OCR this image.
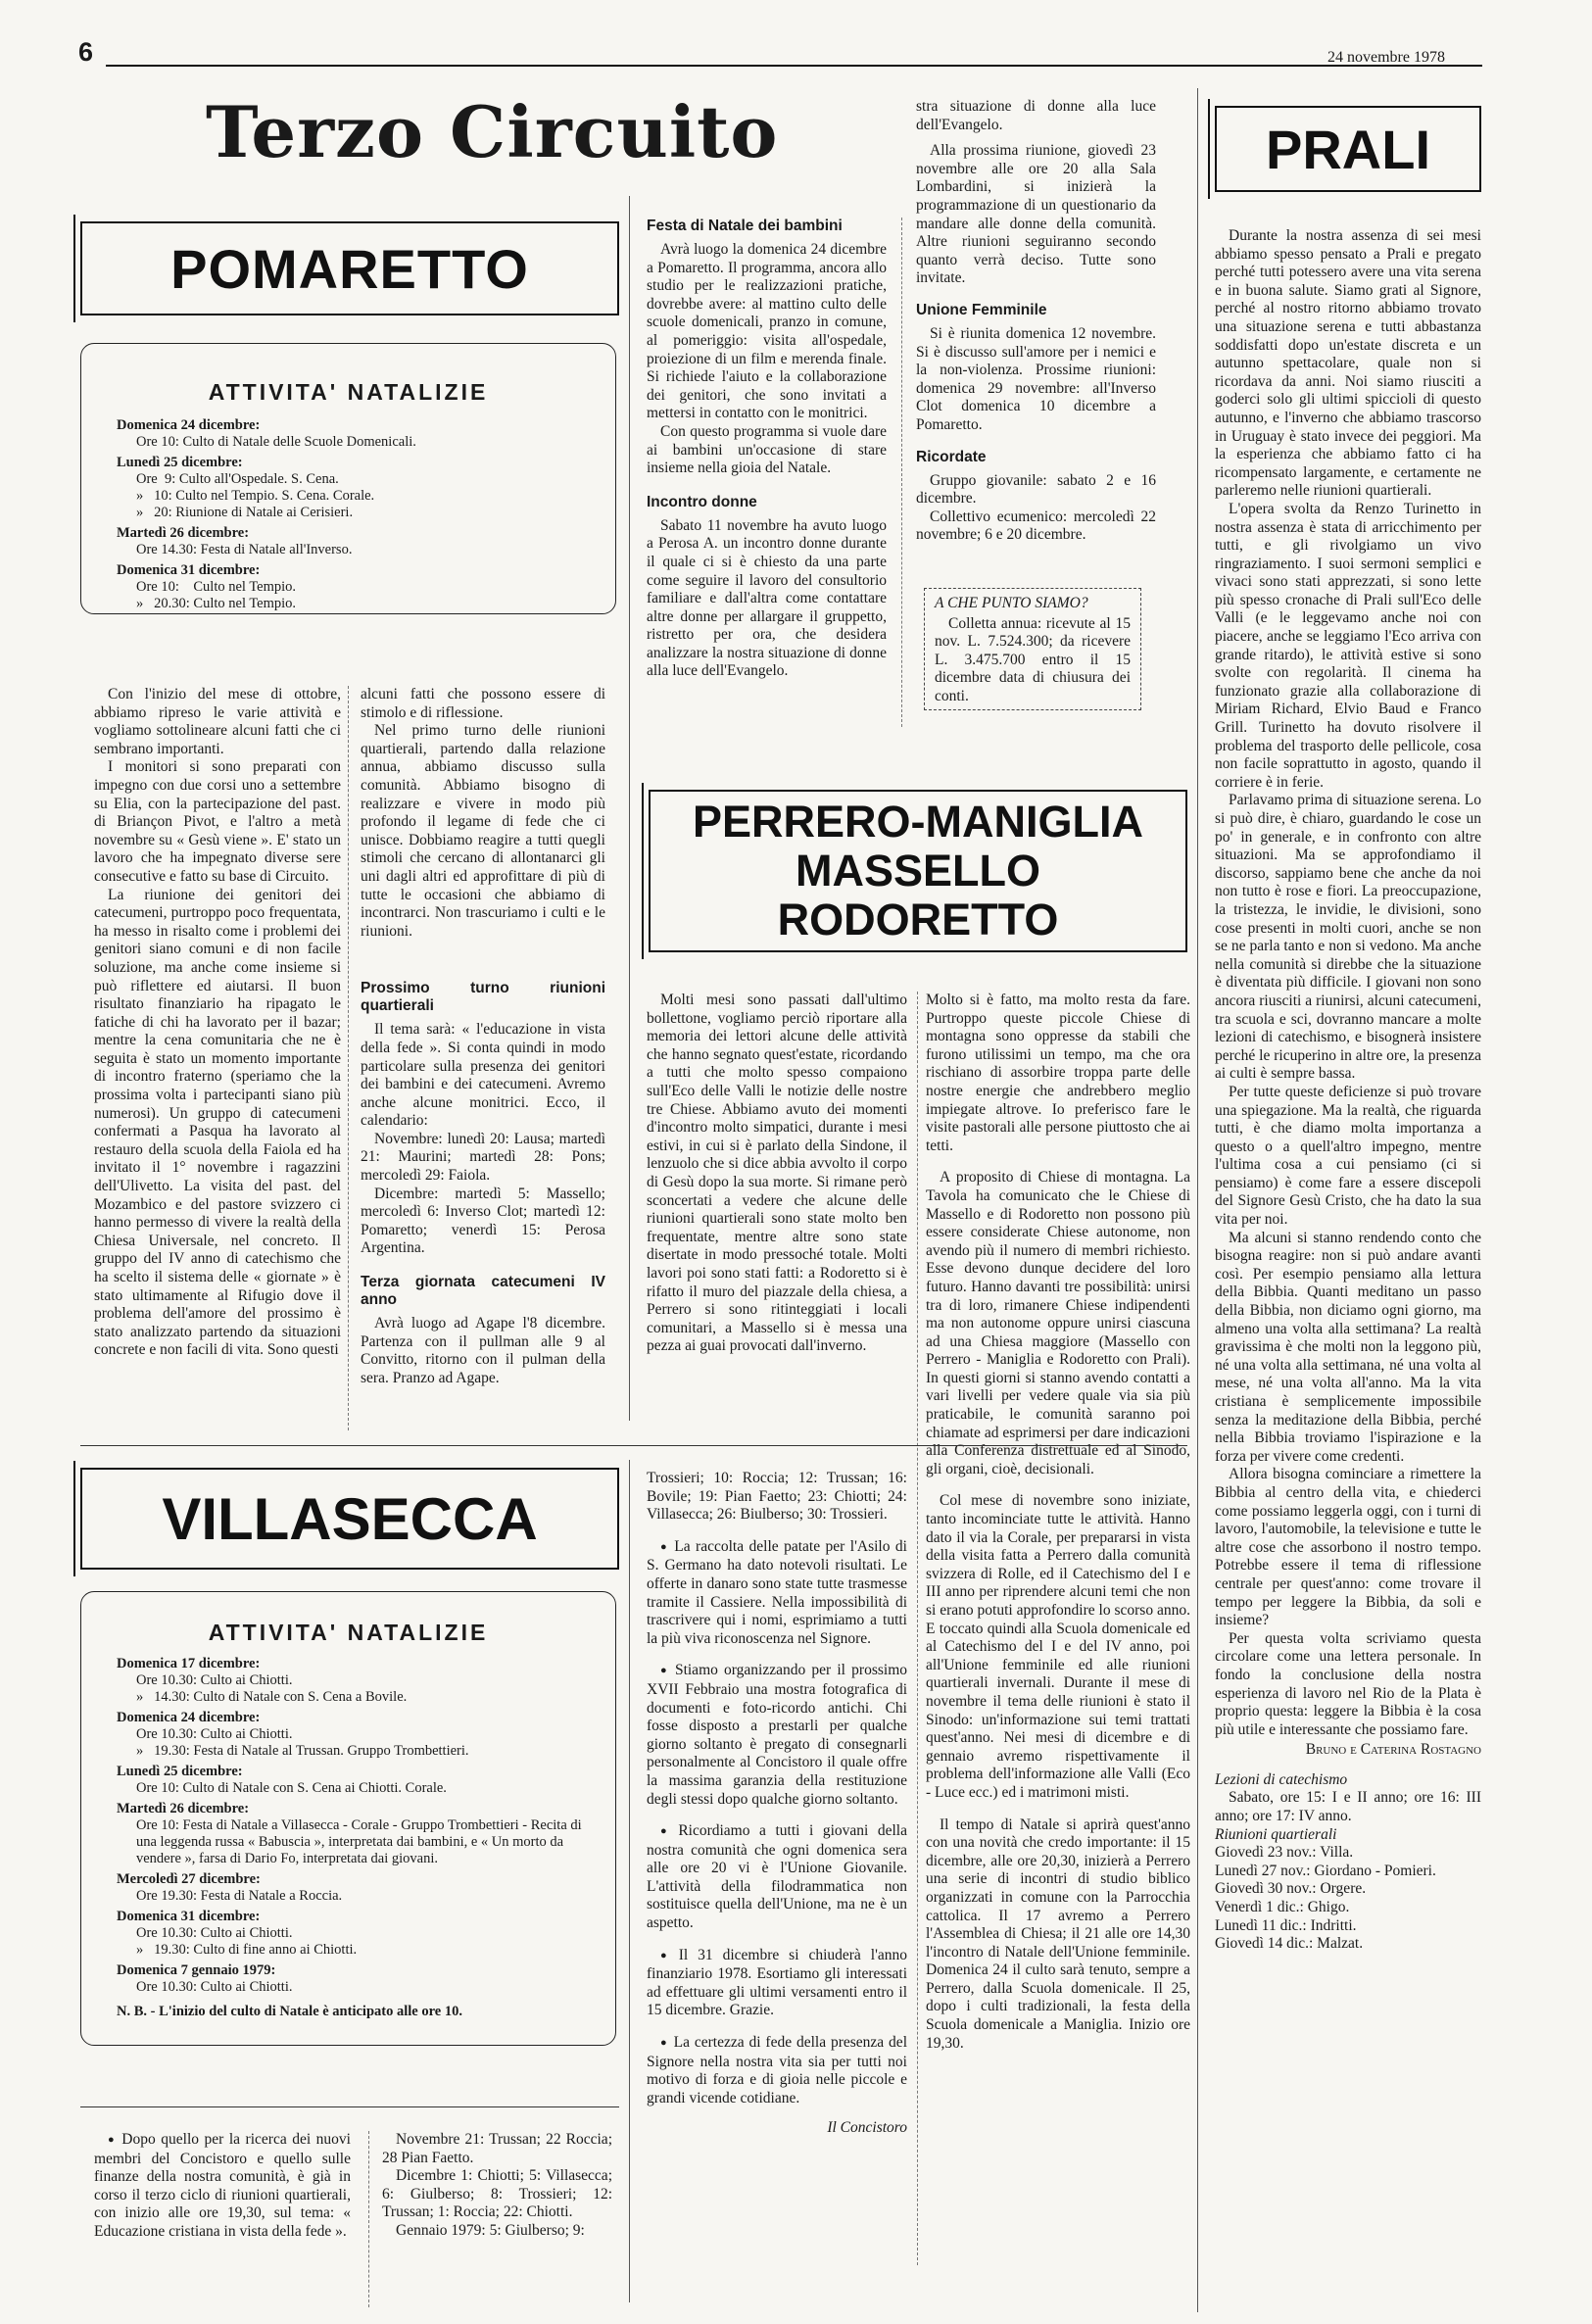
6	24 novembre 1978
Terzo Circuito
POMARETTO
ATTIVITA' NATALIZIE
Domenica 24 dicembre:
Ore 10: Culto di Natale delle Scuole Domenicali.
Lunedì 25 dicembre:
Ore  9: Culto all'Ospedale. S. Cena.
»   10: Culto nel Tempio. S. Cena. Corale.
»   20: Riunione di Natale ai Cerisieri.
Martedì 26 dicembre:
Ore 14.30: Festa di Natale all'Inverso.
Domenica 31 dicembre:
Ore 10:    Culto nel Tempio.
»   20.30: Culto nel Tempio.

Con l'inizio del mese di ottobre, abbiamo ripreso le varie attività e vogliamo sottolineare alcuni fatti che ci sembrano importanti.

I monitori si sono preparati con impegno con due corsi uno a settembre su Elia, con la partecipazione del past. di Briançon Pivot, e l'altro a metà novembre su « Gesù viene ». E' stato un lavoro che ha impegnato diverse sere consecutive e fatto su base di Circuito.

La riunione dei genitori dei catecumeni, purtroppo poco frequentata, ha messo in risalto come i problemi dei genitori siano comuni e di non facile soluzione, ma anche come insieme si può riflettere ed aiutarsi. Il buon risultato finanziario ha ripagato le fatiche di chi ha lavorato per il bazar; mentre la cena comunitaria che ne è seguita è stato un momento importante di incontro fraterno (speriamo che la prossima volta i partecipanti siano più numerosi). Un gruppo di catecumeni confermati a Pasqua ha lavorato al restauro della scuola della Faiola ed ha invitato il 1° novembre i ragazzini dell'Ulivetto. La visita del past. del Mozambico e del pastore svizzero ci hanno permesso di vivere la realtà della Chiesa Universale, nel concreto. Il gruppo del IV anno di catechismo che ha scelto il sistema delle « giornate » è stato ultimamente al Rifugio dove il problema dell'amore del prossimo è stato analizzato partendo da situazioni concrete e non facili di vita. Sono questi

alcuni fatti che possono essere di stimolo e di riflessione.

Nel primo turno delle riunioni quartierali, partendo dalla relazione annua, abbiamo discusso sulla comunità. Abbiamo bisogno di realizzare e vivere in modo più profondo il legame di fede che ci unisce. Dobbiamo reagire a tutti quegli stimoli che cercano di allontanarci gli uni dagli altri ed approfittare di più di tutte le occasioni che abbiamo di incontrarci. Non trascuriamo i culti e le riunioni.

Prossimo turno riunioni quartierali

Il tema sarà: « l'educazione in vista della fede ». Si conta quindi in modo particolare sulla presenza dei genitori dei bambini e dei catecumeni. Avremo anche alcune monitrici. Ecco, il calendario:

Novembre: lunedì 20: Lausa; martedì 21: Maurini; martedì 28: Pons; mercoledì 29: Faiola.

Dicembre: martedì 5: Massello; mercoledì 6: Inverso Clot; martedì 12: Pomaretto; venerdì 15: Perosa Argentina.

Terza giornata catecumeni IV anno

Avrà luogo ad Agape l'8 dicembre. Partenza con il pullman alle 9 al Convitto, ritorno con il pulman della sera. Pranzo ad Agape.

Festa di Natale dei bambini

Avrà luogo la domenica 24 dicembre a Pomaretto. Il programma, ancora allo studio per le realizzazioni pratiche, dovrebbe avere: al mattino culto delle scuole domenicali, pranzo in comune, al pomeriggio: visita all'ospedale, proiezione di un film e merenda finale. Si richiede l'aiuto e la collaborazione dei genitori, che sono invitati a mettersi in contatto con le monitrici.

Con questo programma si vuole dare ai bambini un'occasione di stare insieme nella gioia del Natale.

Incontro donne

Sabato 11 novembre ha avuto luogo a Perosa A. un incontro donne durante il quale ci si è chiesto da una parte come seguire il lavoro del consultorio familiare e dall'altra come contattare altre donne per allargare il gruppetto, ristretto per ora, che desidera analizzare la nostra situazione di donne alla luce dell'Evangelo.

stra situazione di donne alla luce dell'Evangelo.

Alla prossima riunione, giovedì 23 novembre alle ore 20 alla Sala Lombardini, si inizierà la programmazione di un questionario da mandare alle donne della comunità. Altre riunioni seguiranno secondo quanto verrà deciso. Tutte sono invitate.

Unione Femminile

Si è riunita domenica 12 novembre. Si è discusso sull'amore per i nemici e la non-violenza. Prossime riunioni: domenica 29 novembre: all'Inverso Clot domenica 10 dicembre a Pomaretto.

Ricordate

Gruppo giovanile: sabato 2 e 16 dicembre.

Collettivo ecumenico: mercoledì 22 novembre; 6 e 20 dicembre.

A CHE PUNTO SIAMO?
Colletta annua: ricevute al 15 nov. L. 7.524.300; da ricevere L. 3.475.700 entro il 15 dicembre data di chiusura dei conti.
PERRERO-MANIGLIA
MASSELLO
RODORETTO

Molti mesi sono passati dall'ultimo bollettone, vogliamo perciò riportare alla memoria dei lettori alcune delle attività che hanno segnato quest'estate, ricordando a tutti che molto spesso compaiono sull'Eco delle Valli le notizie delle nostre tre Chiese. Abbiamo avuto dei momenti d'incontro molto simpatici, durante i mesi estivi, in cui si è parlato della Sindone, il lenzuolo che si dice abbia avvolto il corpo di Gesù dopo la sua morte. Si rimane però sconcertati a vedere che alcune delle riunioni quartierali sono state molto ben frequentate, mentre altre sono state disertate in modo pressoché totale. Molti lavori poi sono stati fatti: a Rodoretto si è rifatto il muro del piazzale della chiesa, a Perrero si sono ritinteggiati i locali comunitari, a Massello si è messa una pezza ai guai provocati dall'inverno.

Molto si è fatto, ma molto resta da fare. Purtroppo queste piccole Chiese di montagna sono oppresse da stabili che furono utilissimi un tempo, ma che ora rischiano di assorbire troppa parte delle nostre energie che andrebbero meglio impiegate altrove. Io preferisco fare le visite pastorali alle persone piuttosto che ai tetti.

A proposito di Chiese di montagna. La Tavola ha comunicato che le Chiese di Massello e di Rodoretto non possono più essere considerate Chiese autonome, non avendo più il numero di membri richiesto. Esse devono dunque decidere del loro futuro. Hanno davanti tre possibilità: unirsi tra di loro, rimanere Chiese indipendenti ma non autonome oppure unirsi ciascuna ad una Chiesa maggiore (Massello con Perrero - Maniglia e Rodoretto con Prali). In questi giorni si stanno avendo contatti a vari livelli per vedere quale via sia più praticabile, le comunità saranno poi chiamate ad esprimersi per dare indicazioni alla Conferenza distrettuale ed al Sinodo, gli organi, cioè, decisionali.

Col mese di novembre sono iniziate, tanto incominciate tutte le attività. Hanno dato il via la Corale, per prepararsi in vista della visita fatta a Perrero dalla comunità svizzera di Rolle, ed il Catechismo del I e III anno per riprendere alcuni temi che non si erano potuti approfondire lo scorso anno. E toccato quindi alla Scuola domenicale ed al Catechismo del I e del IV anno, poi all'Unione femminile ed alle riunioni quartierali invernali. Durante il mese di novembre il tema delle riunioni è stato il Sinodo: un'informazione sui temi trattati quest'anno. Nei mesi di dicembre e di gennaio avremo rispettivamente il problema dell'informazione alle Valli (Eco - Luce ecc.) ed i matrimoni misti.

Il tempo di Natale si aprirà quest'anno con una novità che credo importante: il 15 dicembre, alle ore 20,30, inizierà a Perrero una serie di incontri di studio biblico organizzati in comune con la Parrocchia cattolica. Il 17 avremo a Perrero l'Assemblea di Chiesa; il 21 alle ore 14,30 l'incontro di Natale dell'Unione femminile. Domenica 24 il culto sarà tenuto, sempre a Perrero, dalla Scuola domenicale. Il 25, dopo i culti tradizionali, la festa della Scuola domenicale a Maniglia. Inizio ore 19,30.

PRALI

Durante la nostra assenza di sei mesi abbiamo spesso pensato a Prali e pregato perché tutti potessero avere una vita serena e in buona salute. Siamo grati al Signore, perché al nostro ritorno abbiamo trovato una situazione serena e tutti abbastanza soddisfatti dopo un'estate discreta e un autunno spettacolare, quale non si ricordava da anni. Noi siamo riusciti a goderci solo gli ultimi spiccioli di questo autunno, e l'inverno che abbiamo trascorso in Uruguay è stato invece dei peggiori. Ma la esperienza che abbiamo fatto ci ha ricompensato largamente, e certamente ne parleremo nelle riunioni quartierali.

L'opera svolta da Renzo Turinetto in nostra assenza è stata di arricchimento per tutti, e gli rivolgiamo un vivo ringraziamento. I suoi sermoni semplici e vivaci sono stati apprezzati, si sono lette più spesso cronache di Prali sull'Eco delle Valli (e le leggevamo anche noi con piacere, anche se leggiamo l'Eco arriva con grande ritardo), le attività estive si sono svolte con regolarità. Il cinema ha funzionato grazie alla collaborazione di Miriam Richard, Elvio Baud e Franco Grill. Turinetto ha dovuto risolvere il problema del trasporto delle pellicole, cosa non facile soprattutto in agosto, quando il corriere è in ferie.

Parlavamo prima di situazione serena. Lo si può dire, è chiaro, guardando le cose un po' in generale, e in confronto con altre situazioni. Ma se approfondiamo il discorso, sappiamo bene che anche da noi non tutto è rose e fiori. La preoccupazione, la tristezza, le invidie, le divisioni, sono cose presenti in molti cuori, anche se non se ne parla tanto e non si vedono. Ma anche nella comunità si direbbe che la situazione è diventata più difficile. I giovani non sono ancora riusciti a riunirsi, alcuni catecumeni, tra scuola e sci, dovranno mancare a molte lezioni di catechismo, e bisognerà insistere perché le ricuperino in altre ore, la presenza ai culti è sempre bassa.

Per tutte queste deficienze si può trovare una spiegazione. Ma la realtà, che riguarda tutti, è che diamo molta importanza a questo o a quell'altro impegno, mentre l'ultima cosa a cui pensiamo (ci si pensiamo) è come fare a essere discepoli del Signore Gesù Cristo, che ha dato la sua vita per noi.

Ma alcuni si stanno rendendo conto che bisogna reagire: non si può andare avanti così. Per esempio pensiamo alla lettura della Bibbia. Quanti meditano un passo della Bibbia, non diciamo ogni giorno, ma almeno una volta alla settimana? La realtà gravissima è che molti non la leggono più, né una volta alla settimana, né una volta al mese, né una volta all'anno. Ma la vita cristiana è semplicemente impossibile senza la meditazione della Bibbia, perché nella Bibbia troviamo l'ispirazione e la forza per vivere come credenti.

Allora bisogna cominciare a rimettere la Bibbia al centro della vita, e chiederci come possiamo leggerla oggi, con i turni di lavoro, l'automobile, la televisione e tutte le altre cose che assorbono il nostro tempo. Potrebbe essere il tema di riflessione centrale per quest'anno: come trovare il tempo per leggere la Bibbia, da soli e insieme?

Per questa volta scriviamo questa circolare come una lettera personale. In fondo la conclusione della nostra esperienza di lavoro nel Rio de la Plata è proprio questa: leggere la Bibbia è la cosa più utile e interessante che possiamo fare.

Bruno e Caterina Rostagno
Lezioni di catechismo

Sabato, ore 15: I e II anno; ore 16: III anno; ore 17: IV anno.

Riunioni quartierali
Giovedì 23 nov.: Villa.
Lunedì 27 nov.: Giordano - Pomieri.
Giovedì 30 nov.: Orgere.
Venerdì 1 dic.: Ghigo.
Lunedì 11 dic.: Indritti.
Giovedì 14 dic.: Malzat.
VILLASECCA
ATTIVITA' NATALIZIE
Domenica 17 dicembre:
Ore 10.30: Culto ai Chiotti.
»   14.30: Culto di Natale con S. Cena a Bovile.
Domenica 24 dicembre:
Ore 10.30: Culto ai Chiotti.
»   19.30: Festa di Natale al Trussan. Gruppo Trombettieri.
Lunedì 25 dicembre:
Ore 10: Culto di Natale con S. Cena ai Chiotti. Corale.
Martedì 26 dicembre:
Ore 10: Festa di Natale a Villasecca - Corale - Gruppo Trombettieri - Recita di una leggenda russa « Babuscia », interpretata dai bambini, e « Un morto da vendere », farsa di Dario Fo, interpretata dai giovani.
Mercoledì 27 dicembre:
Ore 19.30: Festa di Natale a Roccia.
Domenica 31 dicembre:
Ore 10.30: Culto ai Chiotti.
»   19.30: Culto di fine anno ai Chiotti.
Domenica 7 gennaio 1979:
Ore 10.30: Culto ai Chiotti.
N. B. - L'inizio del culto di Natale è anticipato alle ore 10.

● Dopo quello per la ricerca dei nuovi membri del Concistoro e quello sulle finanze della nostra comunità, è già in corso il terzo ciclo di riunioni quartierali, con inizio alle ore 19,30, sul tema: « Educazione cristiana in vista della fede ».

Novembre 21: Trussan; 22 Roccia; 28 Pian Faetto.

Dicembre 1: Chiotti; 5: Villasecca; 6: Giulberso; 8: Trossieri; 12: Trussan; 1: Roccia; 22: Chiotti.

Gennaio 1979: 5: Giulberso; 9:

Trossieri; 10: Roccia; 12: Trussan; 16: Bovile; 19: Pian Faetto; 23: Chiotti; 24: Villasecca; 26: Biulberso; 30: Trossieri.

● La raccolta delle patate per l'Asilo di S. Germano ha dato notevoli risultati. Le offerte in danaro sono state tutte trasmesse tramite il Cassiere. Nella impossibilità di trascrivere qui i nomi, esprimiamo a tutti la più viva riconoscenza nel Signore.

● Stiamo organizzando per il prossimo XVII Febbraio una mostra fotografica di documenti e foto-ricordo antichi. Chi fosse disposto a prestarli per qualche giorno soltanto è pregato di consegnarli personalmente al Concistoro il quale offre la massima garanzia della restituzione degli stessi dopo qualche giorno soltanto.

● Ricordiamo a tutti i giovani della nostra comunità che ogni domenica sera alle ore 20 vi è l'Unione Giovanile. L'attività della filodrammatica non sostituisce quella dell'Unione, ma ne è un aspetto.

● Il 31 dicembre si chiuderà l'anno finanziario 1978. Esortiamo gli interessati ad effettuare gli ultimi versamenti entro il 15 dicembre. Grazie.

● La certezza di fede della presenza del Signore nella nostra vita sia per tutti noi motivo di forza e di gioia nelle piccole e grandi vicende cotidiane.

Il Concistoro
